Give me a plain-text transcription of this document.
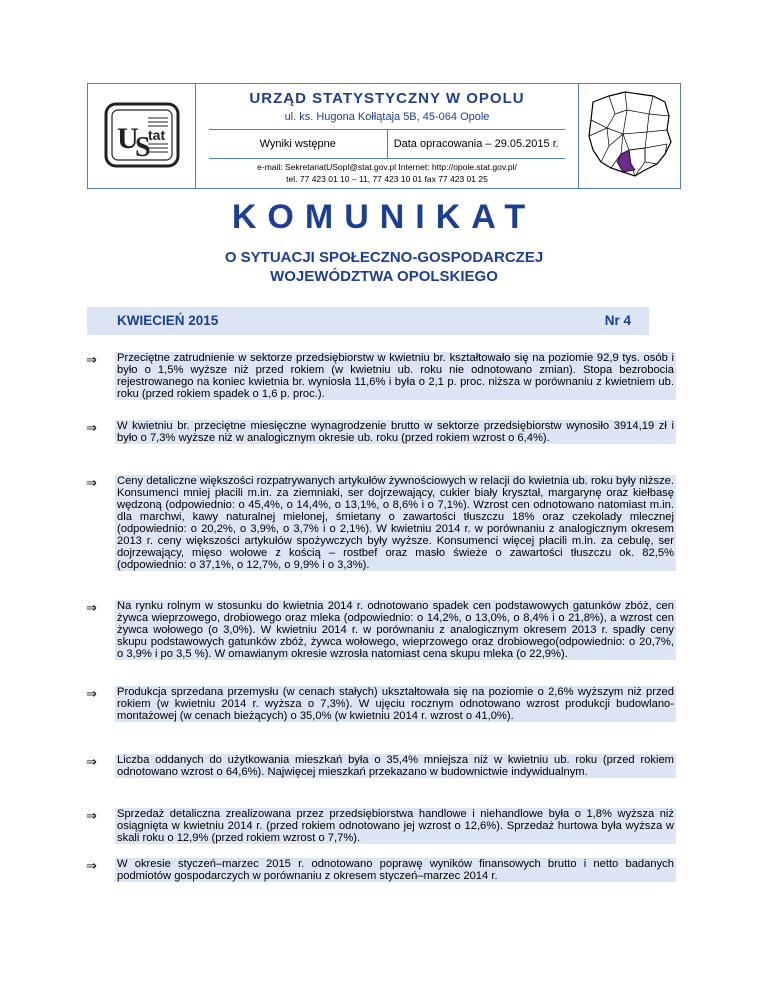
U
S
tat
URZĄD STATYSTYCZNY W OPOLU
ul. ks. Hugona Kołłątaja 5B, 45-064 Opole
Wyniki wstępne	Data opracowania – 29.05.2015 r.
e-mail: SekretariatUSopl@stat.gov.pl Internet: http://opole.stat.gov.pl/
tel. 77 423 01 10 – 11, 77 423 10 01 fax 77 423 01 25
KOMUNIKAT
O SYTUACJI SPOŁECZNO-GOSPODARCZEJ
WOJEWÓDZTWA OPOLSKIEGO
KWIECIEŃ 2015	Nr 4
⇒ Przeciętne zatrudnienie w sektorze przedsiębiorstw w kwietniu br. kształtowało się na poziomie 92,9 tys. osób i było o 1,5% wyższe niż przed rokiem (w kwietniu ub. roku nie odnotowano zmian). Stopa bezrobocia rejestrowanego na koniec kwietnia br. wyniosła 11,6% i była o 2,1 p. proc. niższa w porównaniu z kwietniem ub. roku (przed rokiem spadek o 1,6 p. proc.).
⇒ W kwietniu br. przeciętne miesięczne wynagrodzenie brutto w sektorze przedsiębiorstw wynosiło 3914,19 zł i było o 7,3% wyższe niż w analogicznym okresie ub. roku (przed rokiem wzrost o 6,4%).
⇒ Ceny detaliczne większości rozpatrywanych artykułów żywnościowych w relacji do kwietnia ub. roku były niższe. Konsumenci mniej płacili m.in. za ziemniaki, ser dojrzewający, cukier biały kryształ, margarynę oraz kiełbasę wędzoną (odpowiednio: o 45,4%, o 14,4%, o 13,1%, o 8,6% i o 7,1%). Wzrost cen odnotowano natomiast m.in. dla marchwi, kawy naturalnej mielonej, śmietany o zawartości tłuszczu 18% oraz czekolady mlecznej (odpowiednio: o 20,2%, o 3,9%, o 3,7% i o 2,1%). W kwietniu 2014 r. w porównaniu z analogicznym okresem 2013 r. ceny większości artykułów spożywczych były wyższe. Konsumenci więcej płacili m.in. za cebulę, ser dojrzewający, mięso wołowe z kością – rostbef oraz masło świeże o zawartości tłuszczu ok. 82,5% (odpowiednio: o 37,1%, o 12,7%, o 9,9% i o 3,3%).
⇒ Na rynku rolnym w stosunku do kwietnia 2014 r. odnotowano spadek cen podstawowych gatunków zbóż, cen żywca wieprzowego, drobiowego oraz mleka (odpowiednio: o 14,2%, o 13,0%, o 8,4% i o 21,8%), a wzrost cen żywca wołowego (o 3,0%). W kwietniu 2014 r. w porównaniu z analogicznym okresem 2013 r. spadły ceny skupu podstawowych gatunków zbóż, żywca wołowego, wieprzowego oraz drobiowego(odpowiednio: o 20,7%, o 3,9% i po 3,5 %). W omawianym okresie wzrosła natomiast cena skupu mleka (o 22,9%).
⇒ Produkcja sprzedana przemysłu (w cenach stałych) ukształtowała się na poziomie o 2,6% wyższym niż przed rokiem (w kwietniu 2014 r. wyższa o 7,3%). W ujęciu rocznym odnotowano wzrost produkcji budowlano-montażowej (w cenach bieżących) o 35,0% (w kwietniu 2014 r. wzrost o 41,0%).
⇒ Liczba oddanych do użytkowania mieszkań była o 35,4% mniejsza niż w kwietniu ub. roku (przed rokiem odnotowano wzrost o 64,6%). Najwięcej mieszkań przekazano w budownictwie indywidualnym.
⇒ Sprzedaż detaliczna zrealizowana przez przedsiębiorstwa handlowe i niehandlowe była o 1,8% wyższa niż osiągnięta w kwietniu 2014 r. (przed rokiem odnotowano jej wzrost o 12,6%). Sprzedaż hurtowa była wyższa w skali roku o 12,9% (przed rokiem wzrost o 7,7%).
⇒ W okresie styczeń–marzec 2015 r. odnotowano poprawę wyników finansowych brutto i netto badanych podmiotów gospodarczych w porównaniu z okresem styczeń–marzec 2014 r.
